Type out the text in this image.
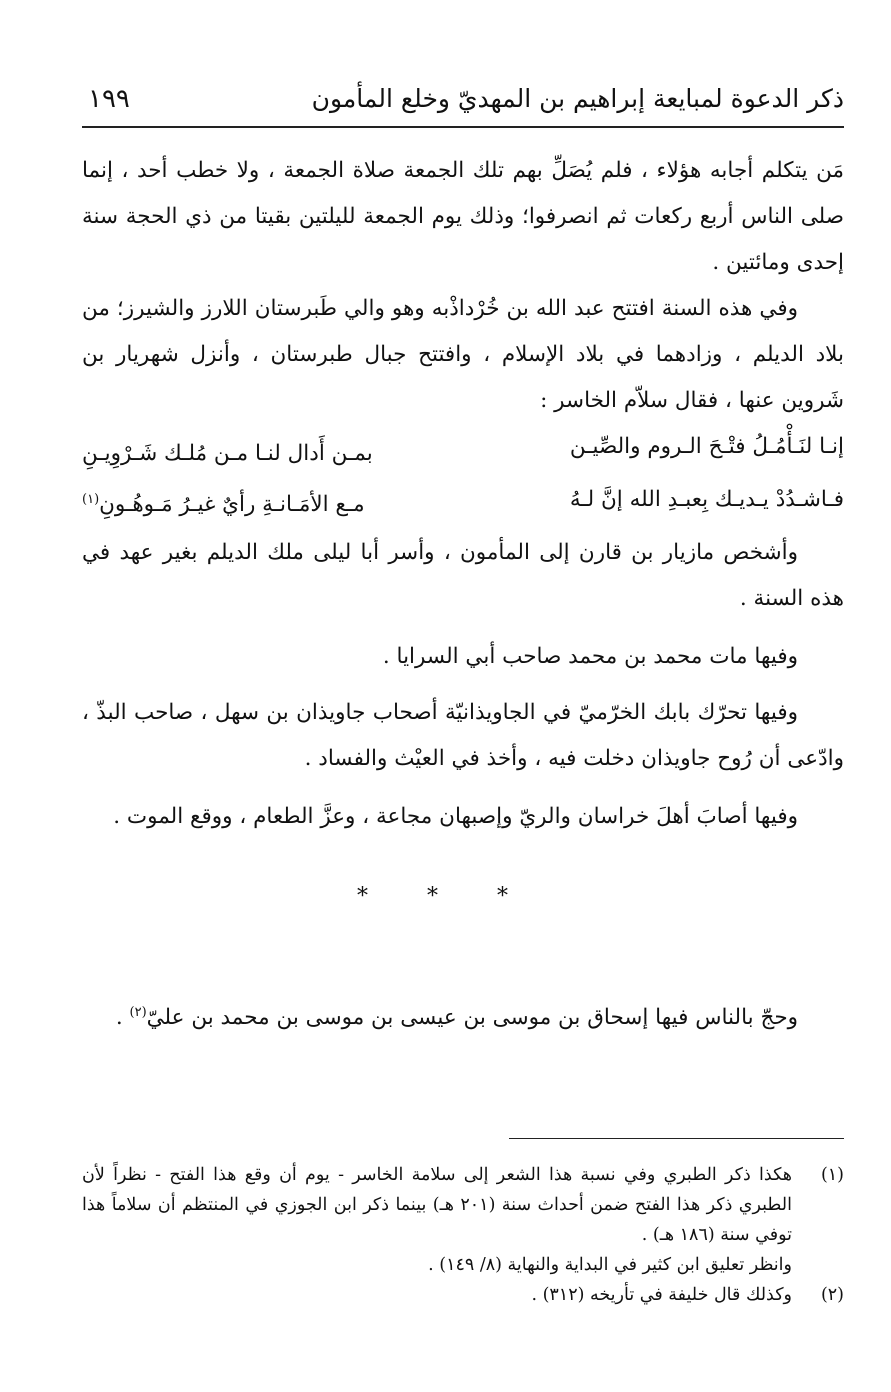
ذكر الدعوة لمبايعة إبراهيم بن المهديّ وخلع المأمون
١٩٩

مَن يتكلم أجابه هؤلاء ، فلم يُصَلِّ بهم تلك الجمعة صلاة الجمعة ، ولا خطب أحد ، إنما صلى الناس أربع ركعات ثم انصرفوا؛ وذلك يوم الجمعة لليلتين بقيتا من ذي الحجة سنة إحدى ومائتين .

وفي هذه السنة افتتح عبد الله بن خُرْداذْبه وهو والي طَبرستان اللارز والشيرز؛ من بلاد الديلم ، وزادهما في بلاد الإسلام ، وافتتح جبال طبرستان ، وأنزل شهريار بن شَروين عنها ، فقال سلاّم الخاسر :

إنـا لنَـأْمُـلُ فتْـحَ الـروم والصِّيـن
بمـن أَدال لنـا مـن مُلـك شَـرْوِيـنِ
فـاشـدُدْ يـديـك بِعبـدِ الله إنَّ لـهُ
مـع الأمَـانـةِ رأيٌ غيـرُ مَـوهُـونِ$^{(١)}$

وأشخص مازيار بن قارن إلى المأمون ، وأسر أبا ليلى ملك الديلم بغير عهد في هذه السنة .

وفيها مات محمد بن محمد صاحب أبي السرايا .

وفيها تحرّك بابك الخرّميّ في الجاويذانيّة أصحاب جاويذان بن سهل ، صاحب البذّ ، وادّعى أن رُوح جاويذان دخلت فيه ، وأخذ في العيْث والفساد .

وفيها أصابَ أهلَ خراسان والريّ وإصبهان مجاعة ، وعزَّ الطعام ، ووقع الموت .

* * *

وحجّ بالناس فيها إسحاق بن موسى بن عيسى بن موسى بن محمد بن عليّ$^{(٢)}$ .

(١)
هكذا ذكر الطبري وفي نسبة هذا الشعر إلى سلامة الخاسر - يوم أن وقع هذا الفتح - نظراً لأن الطبري ذكر هذا الفتح ضمن أحداث سنة (٢٠١ هـ) بينما ذكر ابن الجوزي في المنتظم أن سلاماً هذا توفي سنة (١٨٦ هـ) .
وانظر تعليق ابن كثير في البداية والنهاية (٨/ ١٤٩) .
(٢)
وكذلك قال خليفة في تأريخه (٣١٢) .
